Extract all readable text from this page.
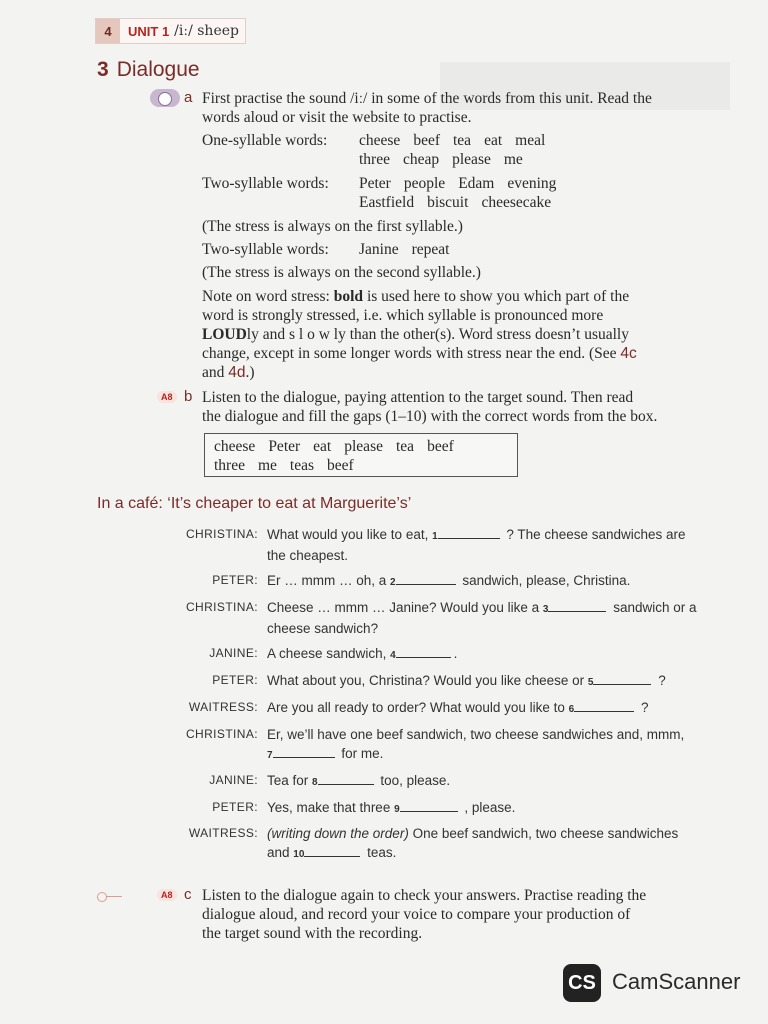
4	UNIT 1 /iː/ sheep
3 Dialogue
a First practise the sound /iː/ in some of the words from this unit. Read the
words aloud or visit the website to practise.
One-syllable words: cheese beef tea eat meal
three cheap please me
Two-syllable words: Peter people Edam evening
Eastfield biscuit cheesecake
(The stress is always on the first syllable.)
Two-syllable words: Janine repeat
(The stress is always on the second syllable.)
Note on word stress: bold is used here to show you which part of the
word is strongly stressed, i.e. which syllable is pronounced more
LOUDly and s l o w ly than the other(s). Word stress doesn’t usually
change, except in some longer words with stress near the end. (See 4c
and 4d.)
A8 b Listen to the dialogue, paying attention to the target sound. Then read
the dialogue and fill the gaps (1–10) with the correct words from the box.
cheese Peter eat please tea beef
three me teas beef
In a café: ‘It’s cheaper to eat at Marguerite’s’
CHRISTINA: What would you like to eat, 1	? The cheese sandwiches are
the cheapest.
PETER: Er … mmm … oh, a 2	sandwich, please, Christina.
CHRISTINA: Cheese … mmm … Janine? Would you like a 3	sandwich or a
cheese sandwich?
JANINE: A cheese sandwich, 4	.
PETER: What about you, Christina? Would you like cheese or 5	?
WAITRESS: Are you all ready to order? What would you like to 6	?
CHRISTINA: Er, we’ll have one beef sandwich, two cheese sandwiches and, mmm,
7	for me.
JANINE: Tea for 8	too, please.
PETER: Yes, make that three 9	, please.
WAITRESS: (writing down the order) One beef sandwich, two cheese sandwiches
and 10	teas.
A8 c Listen to the dialogue again to check your answers. Practise reading the
dialogue aloud, and record your voice to compare your production of
the target sound with the recording.
CS CamScanner
